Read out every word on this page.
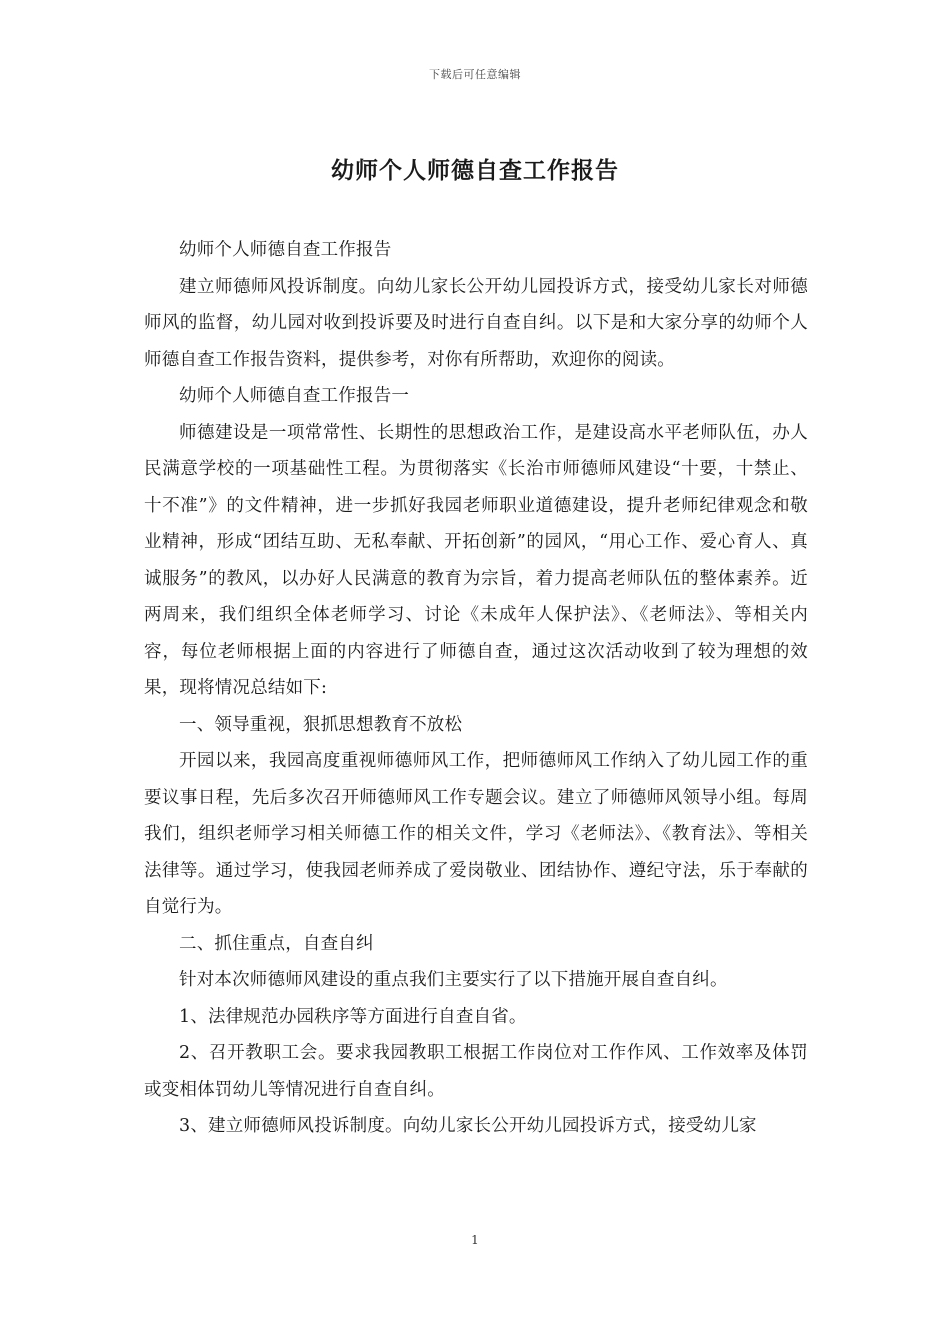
下载后可任意编辑
幼师个人师德自查工作报告

幼师个人师德自查工作报告

建立师德师风投诉制度。向幼儿家长公开幼儿园投诉方式，接受幼儿家长对师德师风的监督，幼儿园对收到投诉要及时进行自查自纠。以下是和大家分享的幼师个人师德自查工作报告资料，提供参考，对你有所帮助，欢迎你的阅读。

幼师个人师德自查工作报告一

师德建设是一项常常性、长期性的思想政治工作，是建设高水平老师队伍，办人民满意学校的一项基础性工程。为贯彻落实《长治市师德师风建设“十要，十禁止、十不准”》的文件精神，进一步抓好我园老师职业道德建设，提升老师纪律观念和敬业精神，形成“团结互助、无私奉献、开拓创新”的园风，“用心工作、爱心育人、真诚服务”的教风，以办好人民满意的教育为宗旨，着力提高老师队伍的整体素养。近两周来，我们组织全体老师学习、讨论《未成年人保护法》、《老师法》、等相关内容，每位老师根据上面的内容进行了师德自查，通过这次活动收到了较为理想的效果，现将情况总结如下:

一、领导重视，狠抓思想教育不放松

开园以来，我园高度重视师德师风工作，把师德师风工作纳入了幼儿园工作的重要议事日程，先后多次召开师德师风工作专题会议。建立了师德师风领导小组。每周我们，组织老师学习相关师德工作的相关文件，学习《老师法》、《教育法》、等相关法律等。通过学习，使我园老师养成了爱岗敬业、团结协作、遵纪守法，乐于奉献的自觉行为。

二、抓住重点，自查自纠

针对本次师德师风建设的重点我们主要实行了以下措施开展自查自纠。

1、法律规范办园秩序等方面进行自查自省。

2、召开教职工会。要求我园教职工根据工作岗位对工作作风、工作效率及体罚或变相体罚幼儿等情况进行自查自纠。

3、建立师德师风投诉制度。向幼儿家长公开幼儿园投诉方式，接受幼儿家

1
